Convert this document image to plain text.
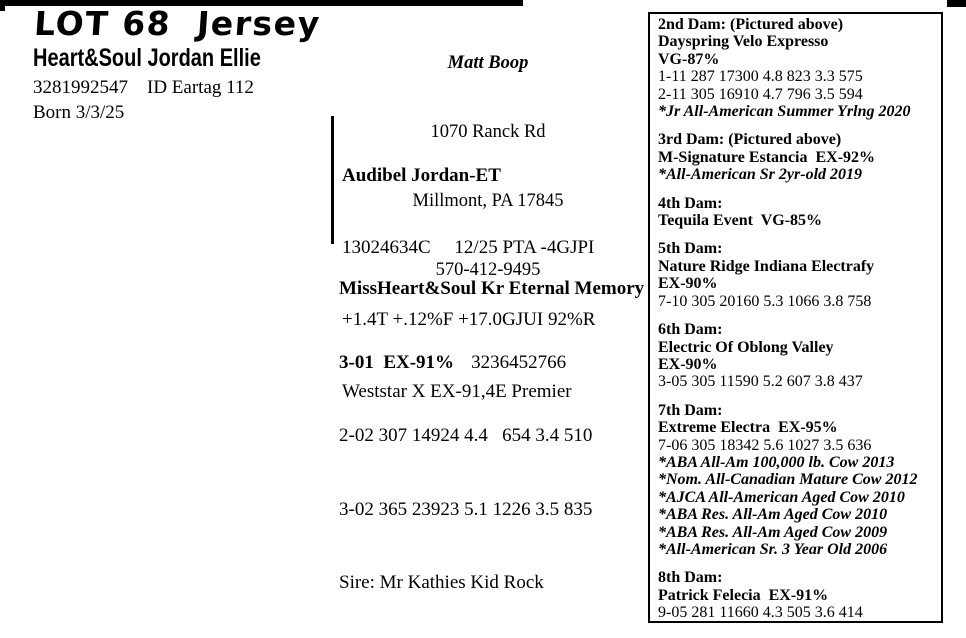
LOT 68  Jersey
Heart&Soul Jordan Ellie
3281992547    ID Eartag 112
Born 3/3/25

Matt Boop

1070 Ranck Rd

Millmont, PA 17845

570-412-9495

Audibel Jordan-ET

13024634C     12/25 PTA -4GJPI

+1.4T +.12%F +17.0GJUI 92%R

Weststar X EX-91,4E Premier

MissHeart&Soul Kr Eternal Memory

3-01  EX-91% 3236452766

2-02 307 14924 4.4   654 3.4 510

3-02 365 23923 5.1 1226 3.5 835

Sire: Mr Kathies Kid Rock

2nd Dam: (Pictured above)
Dayspring Velo Expresso
VG-87%
1-11 287 17300 4.8 823 3.3 575
2-11 305 16910 4.7 796 3.5 594
*Jr All-American Summer Yrlng 2020
3rd Dam: (Pictured above)
M-Signature Estancia  EX-92%
*All-American Sr 2yr-old 2019
4th Dam:
Tequila Event  VG-85%
5th Dam:
Nature Ridge Indiana Electrafy
EX-90%
7-10 305 20160 5.3 1066 3.8 758
6th Dam:
Electric Of Oblong Valley
EX-90%
3-05 305 11590 5.2 607 3.8 437
7th Dam:
Extreme Electra  EX-95%
7-06 305 18342 5.6 1027 3.5 636
*ABA All-Am 100,000 lb. Cow 2013
*Nom. All-Canadian Mature Cow 2012
*AJCA All-American Aged Cow 2010
*ABA Res. All-Am Aged Cow 2010
*ABA Res. All-Am Aged Cow 2009
*All-American Sr. 3 Year Old 2006
8th Dam:
Patrick Felecia  EX-91%
9-05 281 11660 4.3 505 3.6 414
